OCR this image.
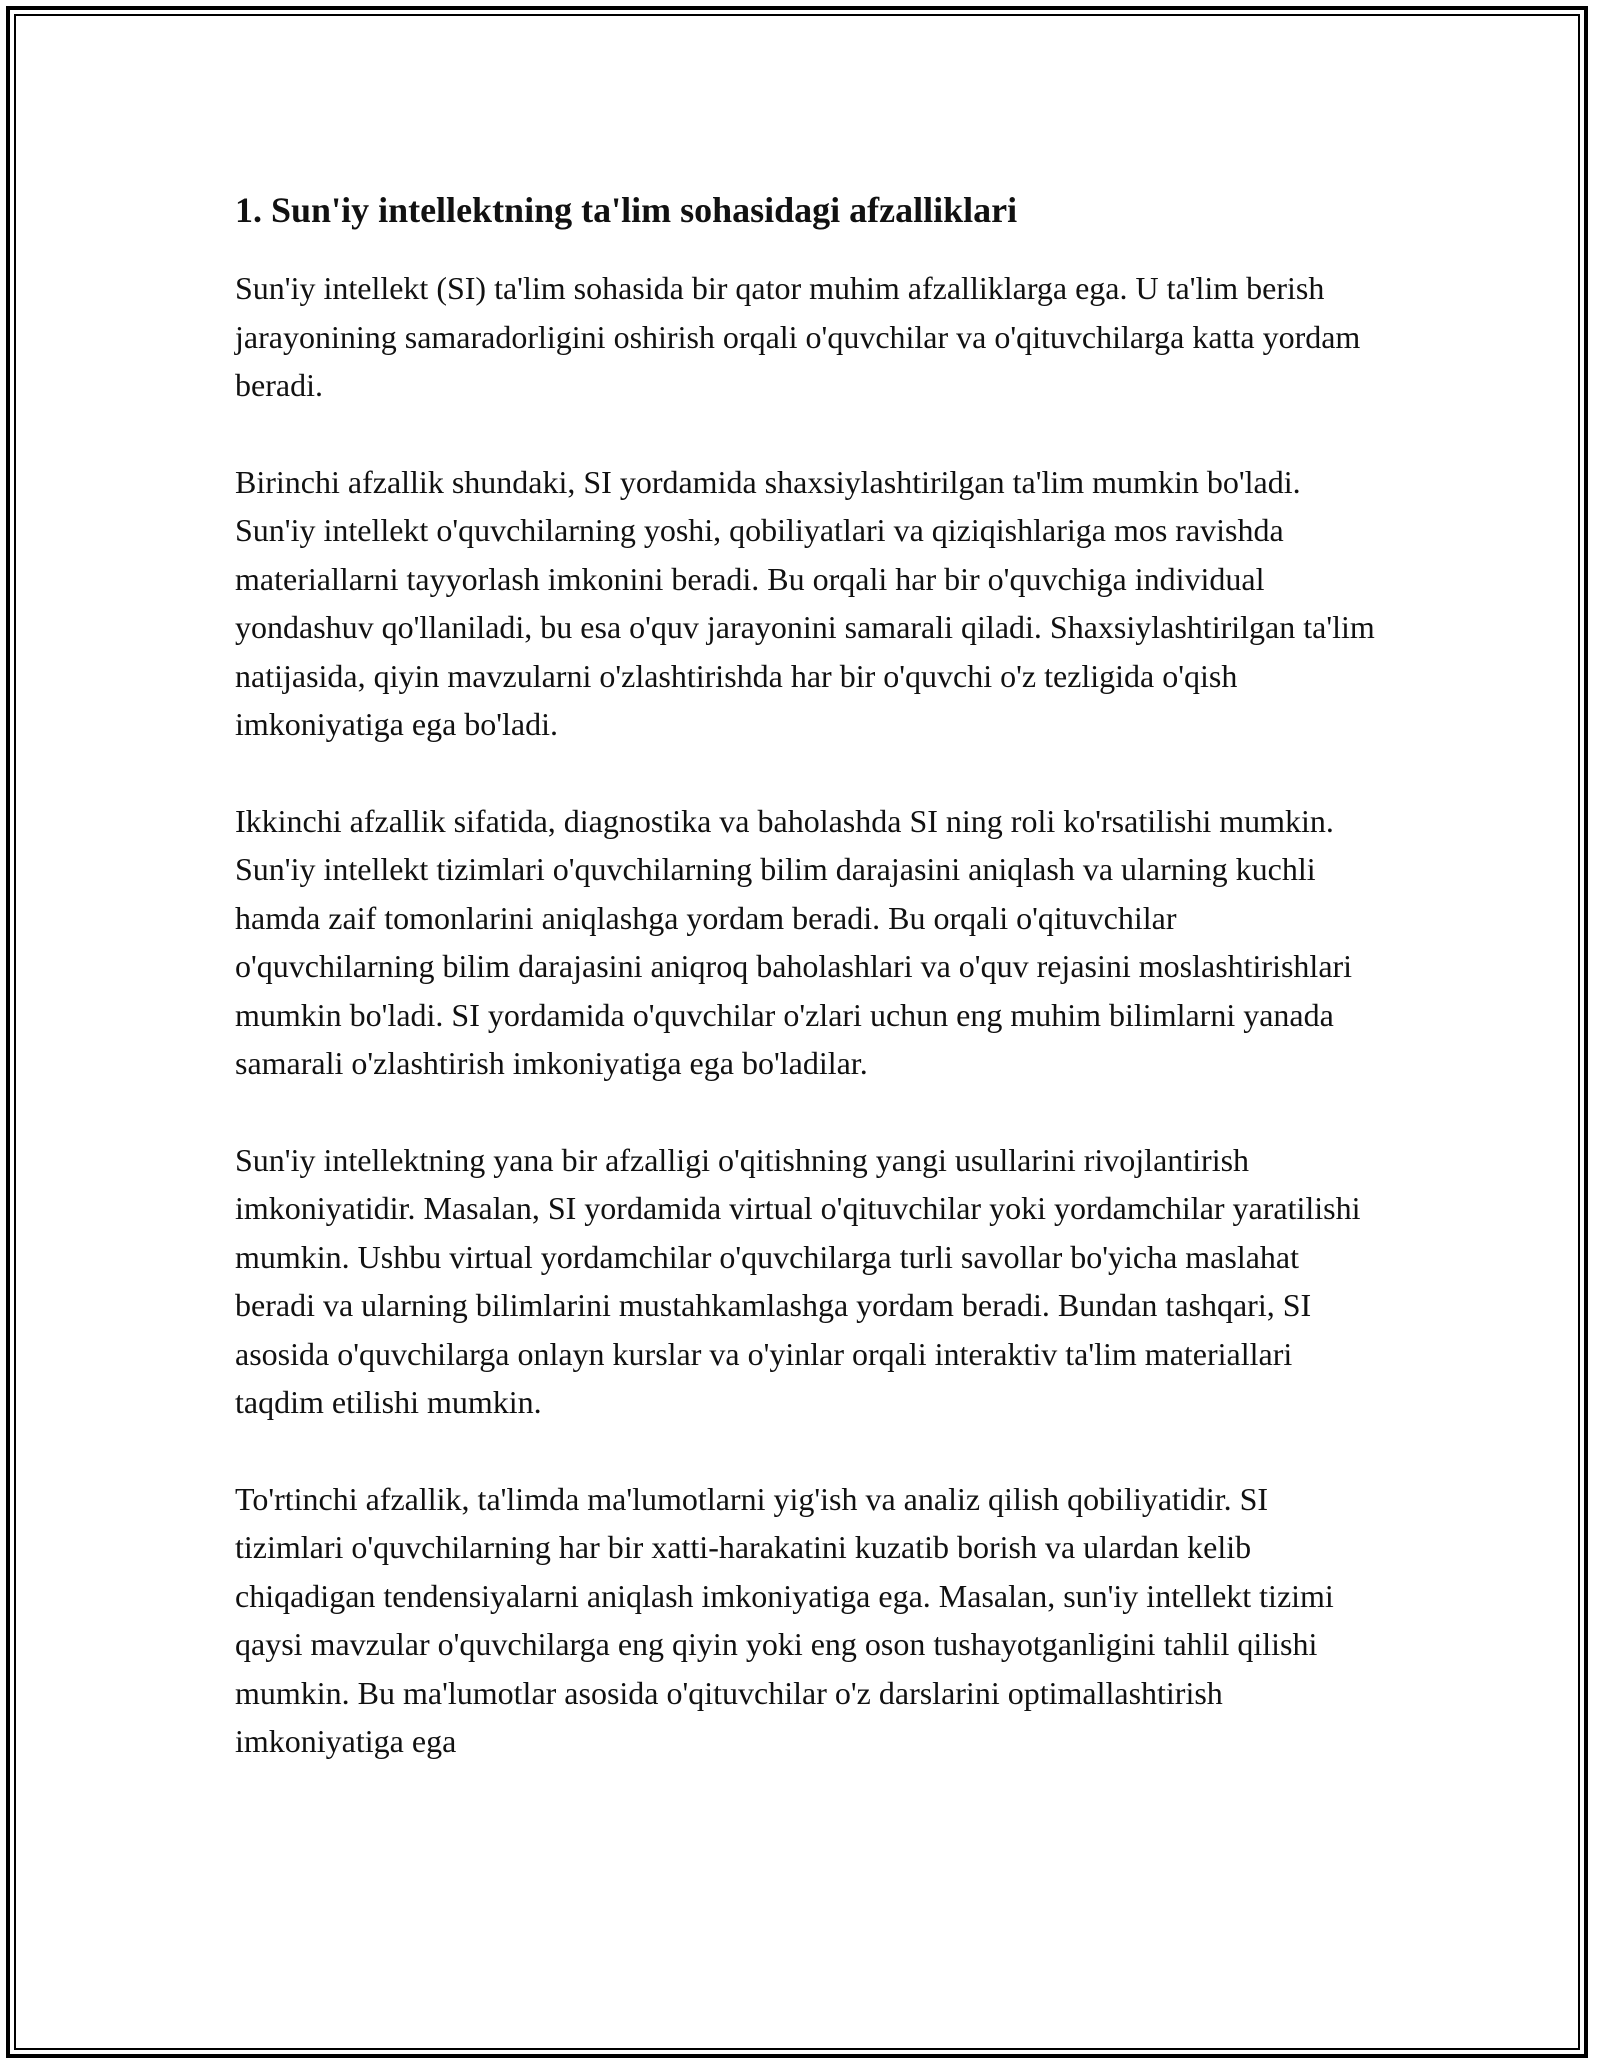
1. Sun'iy intellektning ta'lim sohasidagi afzalliklari

Sun'iy intellekt (SI) ta'lim sohasida bir qator muhim afzalliklarga ega. U ta'lim berish jarayonining samaradorligini oshirish orqali o'quvchilar va o'qituvchilarga katta yordam beradi.

Birinchi afzallik shundaki, SI yordamida shaxsiylashtirilgan ta'lim mumkin bo'ladi. Sun'iy intellekt o'quvchilarning yoshi, qobiliyatlari va qiziqishlariga mos ravishda materiallarni tayyorlash imkonini beradi. Bu orqali har bir o'quvchiga individual yondashuv qo'llaniladi, bu esa o'quv jarayonini samarali qiladi. Shaxsiylashtirilgan ta'lim natijasida, qiyin mavzularni o'zlashtirishda har bir o'quvchi o'z tezligida o'qish imkoniyatiga ega bo'ladi.

Ikkinchi afzallik sifatida, diagnostika va baholashda SI ning roli ko'rsatilishi mumkin. Sun'iy intellekt tizimlari o'quvchilarning bilim darajasini aniqlash va ularning kuchli hamda zaif tomonlarini aniqlashga yordam beradi. Bu orqali o'qituvchilar o'quvchilarning bilim darajasini aniqroq baholashlari va o'quv rejasini moslashtirishlari mumkin bo'ladi. SI yordamida o'quvchilar o'zlari uchun eng muhim bilimlarni yanada samarali o'zlashtirish imkoniyatiga ega bo'ladilar.

Sun'iy intellektning yana bir afzalligi o'qitishning yangi usullarini rivojlantirish imkoniyatidir. Masalan, SI yordamida virtual o'qituvchilar yoki yordamchilar yaratilishi mumkin. Ushbu virtual yordamchilar o'quvchilarga turli savollar bo'yicha maslahat beradi va ularning bilimlarini mustahkamlashga yordam beradi. Bundan tashqari, SI asosida o'quvchilarga onlayn kurslar va o'yinlar orqali interaktiv ta'lim materiallari taqdim etilishi mumkin.

To'rtinchi afzallik, ta'limda ma'lumotlarni yig'ish va analiz qilish qobiliyatidir. SI tizimlari o'quvchilarning har bir xatti-harakatini kuzatib borish va ulardan kelib chiqadigan tendensiyalarni aniqlash imkoniyatiga ega. Masalan, sun'iy intellekt tizimi qaysi mavzular o'quvchilarga eng qiyin yoki eng oson tushayotganligini tahlil qilishi mumkin. Bu ma'lumotlar asosida o'qituvchilar o'z darslarini optimallashtirish imkoniyatiga ega
